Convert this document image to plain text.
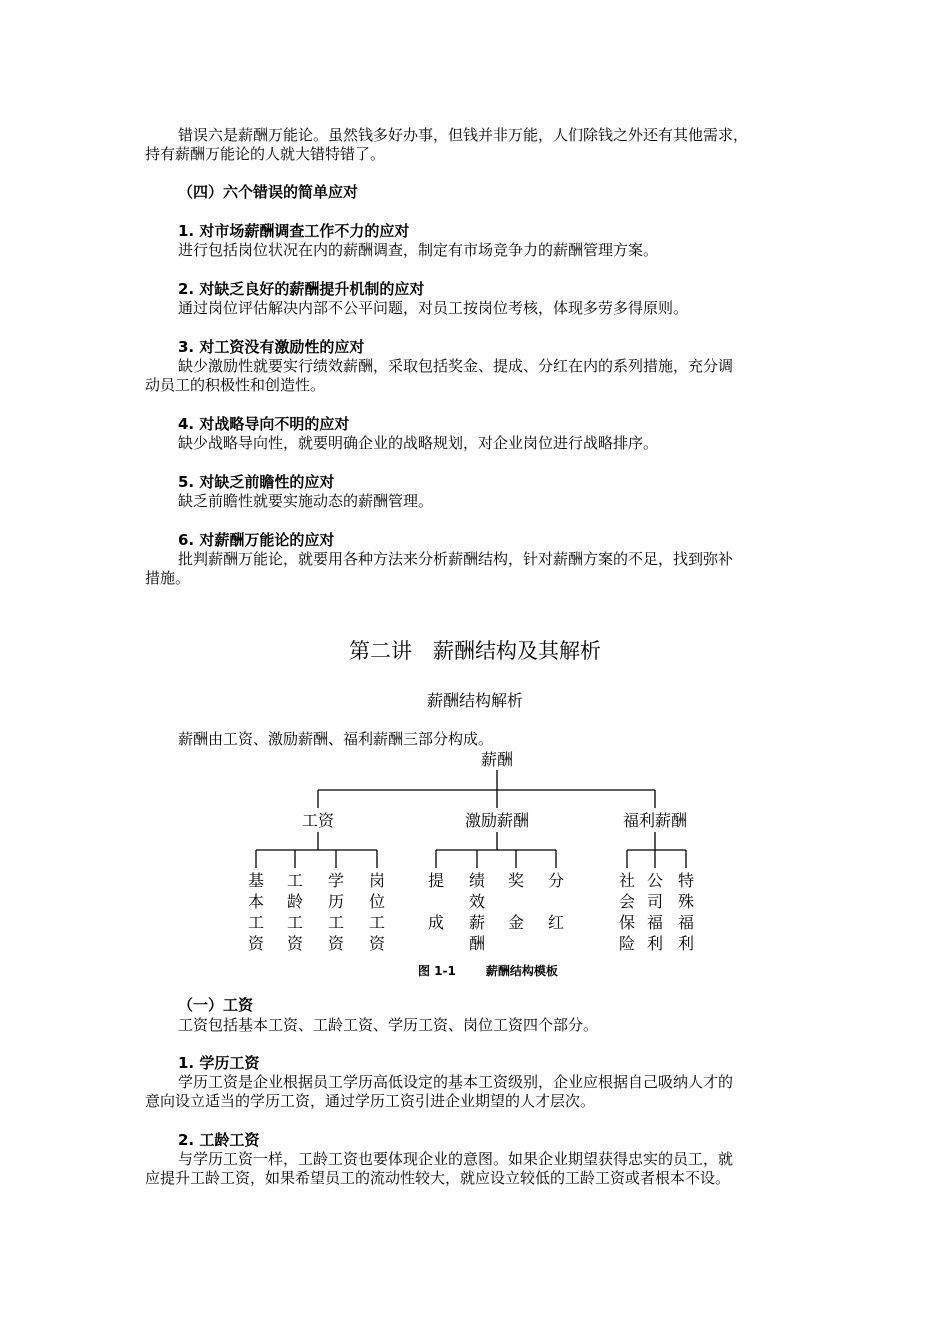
错误六是薪酬万能论。虽然钱多好办事，但钱并非万能，人们除钱之外还有其他需求，
持有薪酬万能论的人就大错特错了。
（四）六个错误的简单应对
1. 对市场薪酬调查工作不力的应对
进行包括岗位状况在内的薪酬调查，制定有市场竞争力的薪酬管理方案。
2. 对缺乏良好的薪酬提升机制的应对
通过岗位评估解决内部不公平问题，对员工按岗位考核，体现多劳多得原则。
3. 对工资没有激励性的应对
缺少激励性就要实行绩效薪酬，采取包括奖金、提成、分红在内的系列措施，充分调
动员工的积极性和创造性。
4. 对战略导向不明的应对
缺少战略导向性，就要明确企业的战略规划，对企业岗位进行战略排序。
5. 对缺乏前瞻性的应对
缺乏前瞻性就要实施动态的薪酬管理。
6. 对薪酬万能论的应对
批判薪酬万能论，就要用各种方法来分析薪酬结构，针对薪酬方案的不足，找到弥补
措施。
第二讲　薪酬结构及其解析
薪酬结构解析
薪酬由工资、激励薪酬、福利薪酬三部分构成。
薪酬
工资	激励薪酬	福利薪酬
基本工资
工龄工资
学历工资
岗位工资
提成
绩效薪酬
奖金
分红
社会保险
公司福利
特殊福利
图 1-1	薪酬结构模板
（一）工资
工资包括基本工资、工龄工资、学历工资、岗位工资四个部分。
1. 学历工资
学历工资是企业根据员工学历高低设定的基本工资级别，企业应根据自己吸纳人才的
意向设立适当的学历工资，通过学历工资引进企业期望的人才层次。
2. 工龄工资
与学历工资一样，工龄工资也要体现企业的意图。如果企业期望获得忠实的员工，就
应提升工龄工资，如果希望员工的流动性较大，就应设立较低的工龄工资或者根本不设。
